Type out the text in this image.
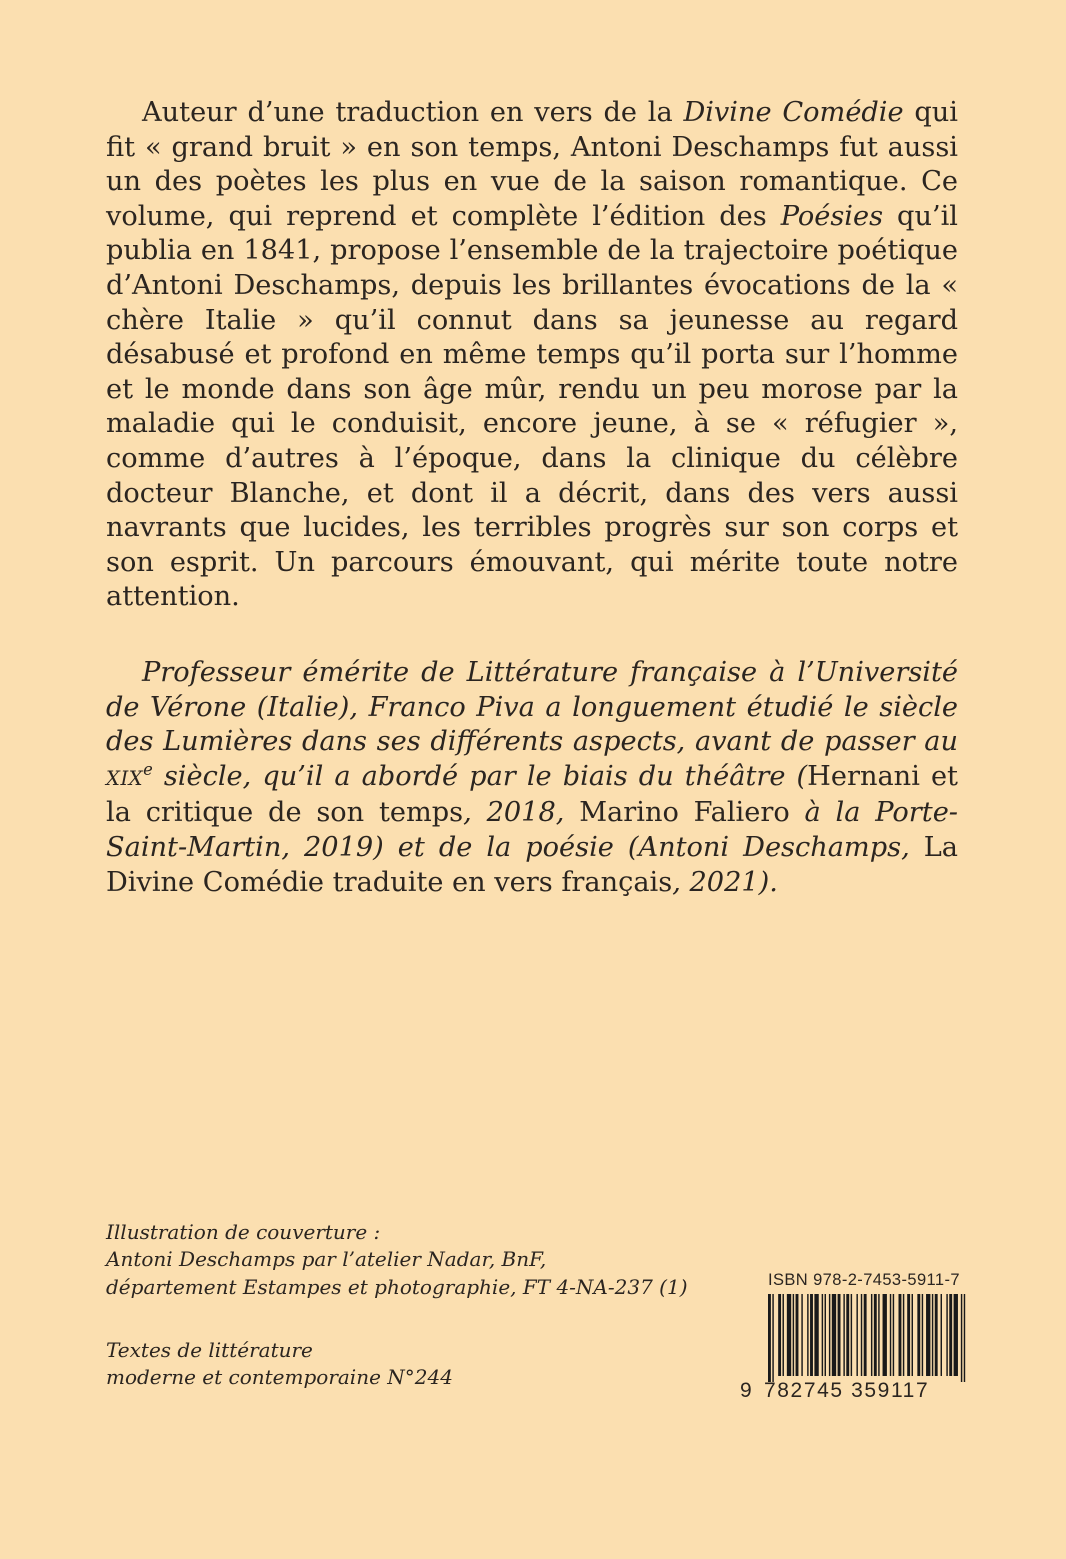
Auteur d’une traduction en vers de la Divine Comédie qui fit « grand bruit » en son temps, Antoni Deschamps fut aussi un des poètes les plus en vue de la saison romantique. Ce volume, qui reprend et complète l’édition des Poésies qu’il publia en 1841, propose l’ensemble de la trajectoire poétique d’Antoni Deschamps, depuis les brillantes évocations de la « chère Italie » qu’il connut dans sa jeunesse au regard désabusé et profond en même temps qu’il porta sur l’homme et le monde dans son âge mûr, rendu un peu morose par la maladie qui le conduisit, encore jeune, à se « réfugier », comme d’autres à l’époque, dans la clinique du célèbre docteur Blanche, et dont il a décrit, dans des vers aussi navrants que lucides, les terribles progrès sur son corps et son esprit. Un parcours émouvant, qui mérite toute notre attention.

Professeur émérite de Littérature française à l’Université de Vérone (Italie), Franco Piva a longuement étudié le siècle des Lumières dans ses différents aspects, avant de passer au XIXe siècle, qu’il a abordé par le biais du théâtre (Hernani et la critique de son temps, 2018, Marino Faliero à la Porte-Saint-Martin, 2019) et de la poésie (Antoni Deschamps, La Divine Comédie traduite en vers français, 2021).

Illustration de couverture :
Antoni Deschamps par l’atelier Nadar, BnF,
département Estampes et photographie, FT 4-NA-237 (1)
Textes de littérature
moderne et contemporaine N°244
ISBN 978-2-7453-5911-7
9 782745 359117
